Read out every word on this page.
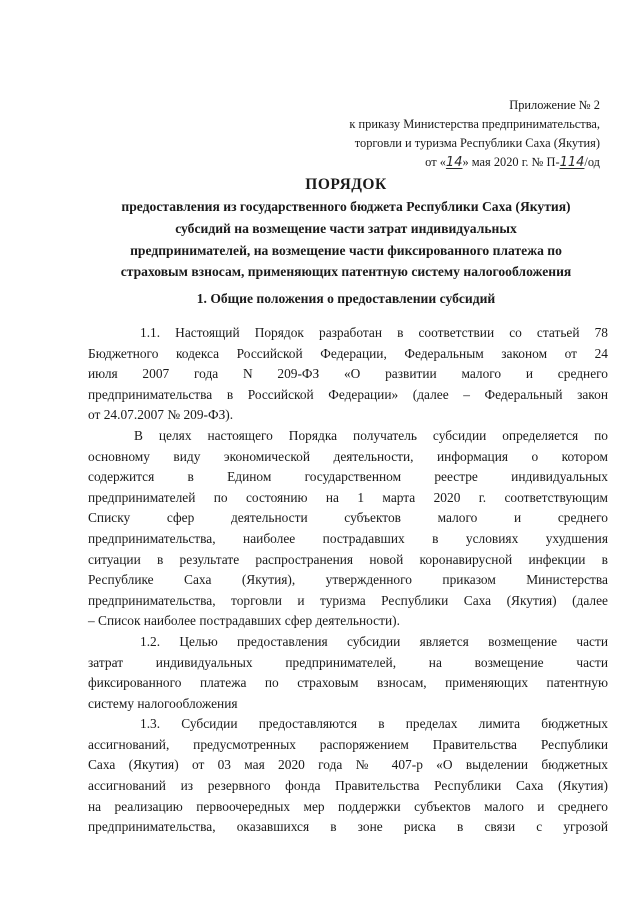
Приложение № 2
к приказу Министерства предпринимательства,
торговли и туризма Республики Саха (Якутия)
от «14» мая 2020 г. № П-114/од
ПОРЯДОК
предоставления из государственного бюджета Республики Саха (Якутия)
субсидий на возмещение части затрат индивидуальных
предпринимателей, на возмещение части фиксированного платежа по
страховым взносам, применяющих патентную систему налогообложения
1. Общие положения о предоставлении субсидий
1.1. Настоящий Порядок разработан в соответствии со статьей 78
Бюджетного кодекса Российской Федерации, Федеральным законом от 24
июля 2007 года N 209-ФЗ «О развитии малого и среднего
предпринимательства в Российской Федерации» (далее – Федеральный закон
от 24.07.2007 № 209-ФЗ).
В целях настоящего Порядка получатель субсидии определяется по
основному виду экономической деятельности, информация о котором
содержится в Едином государственном реестре индивидуальных
предпринимателей по состоянию на 1 марта 2020 г. соответствующим
Списку сфер деятельности субъектов малого и среднего
предпринимательства, наиболее пострадавших в условиях ухудшения
ситуации в результате распространения новой коронавирусной инфекции в
Республике Саха (Якутия), утвержденного приказом Министерства
предпринимательства, торговли и туризма Республики Саха (Якутия) (далее
– Список наиболее пострадавших сфер деятельности).
1.2. Целью предоставления субсидии является возмещение части
затрат индивидуальных предпринимателей, на возмещение части
фиксированного платежа по страховым взносам, применяющих патентную
систему налогообложения
1.3. Субсидии предоставляются в пределах лимита бюджетных
ассигнований, предусмотренных распоряжением Правительства Республики
Саха (Якутия) от 03 мая 2020 года № 407-р «О выделении бюджетных
ассигнований из резервного фонда Правительства Республики Саха (Якутия)
на реализацию первоочередных мер поддержки субъектов малого и среднего
предпринимательства, оказавшихся в зоне риска в связи с угрозой
